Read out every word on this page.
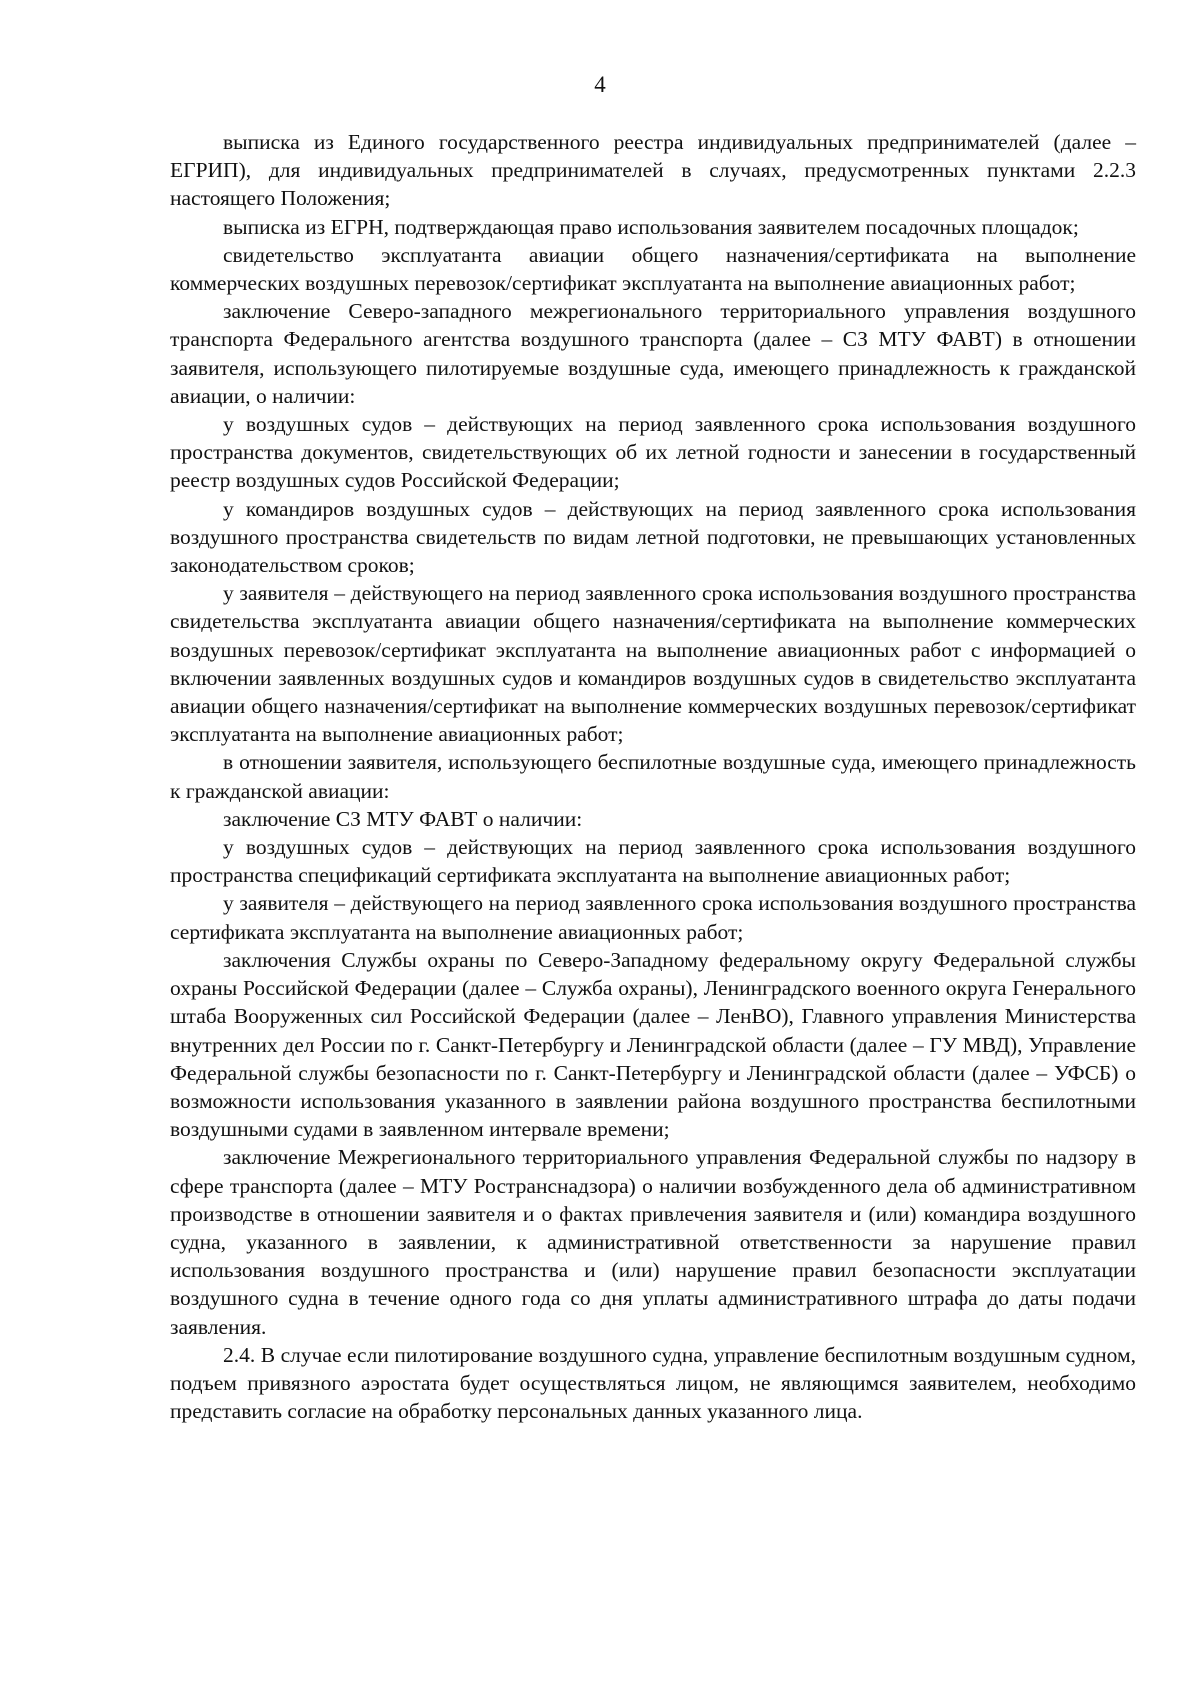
4

выписка из Единого государственного реестра индивидуальных предпринимателей (далее – ЕГРИП), для индивидуальных предпринимателей в случаях, предусмотренных пунктами 2.2.3 настоящего Положения;

выписка из ЕГРН, подтверждающая право использования заявителем посадочных площадок;

свидетельство эксплуатанта авиации общего назначения/сертификата на выполнение коммерческих воздушных перевозок/сертификат эксплуатанта на выполнение авиационных работ;

заключение Северо-западного межрегионального территориального управления воздушного транспорта Федерального агентства воздушного транспорта (далее – СЗ МТУ ФАВТ) в отношении заявителя, использующего пилотируемые воздушные суда, имеющего принадлежность к гражданской авиации, о наличии:

у воздушных судов – действующих на период заявленного срока использования воздушного пространства документов, свидетельствующих об их летной годности и занесении в государственный реестр воздушных судов Российской Федерации;

у командиров воздушных судов – действующих на период заявленного срока использования воздушного пространства свидетельств по видам летной подготовки, не превышающих установленных законодательством сроков;

у заявителя – действующего на период заявленного срока использования воздушного пространства свидетельства эксплуатанта авиации общего назначения/сертификата на выполнение коммерческих воздушных перевозок/сертификат эксплуатанта на выполнение авиационных работ с информацией о включении заявленных воздушных судов и командиров воздушных судов в свидетельство эксплуатанта авиации общего назначения/сертификат на выполнение коммерческих воздушных перевозок/сертификат эксплуатанта на выполнение авиационных работ;

в отношении заявителя, использующего беспилотные воздушные суда, имеющего принадлежность к гражданской авиации:

заключение СЗ МТУ ФАВТ о наличии:

у воздушных судов – действующих на период заявленного срока использования воздушного пространства спецификаций сертификата эксплуатанта на выполнение авиационных работ;

у заявителя – действующего на период заявленного срока использования воздушного пространства сертификата эксплуатанта на выполнение авиационных работ;

заключения Службы охраны по Северо-Западному федеральному округу Федеральной службы охраны Российской Федерации (далее – Служба охраны), Ленинградского военного округа Генерального штаба Вооруженных сил Российской Федерации (далее – ЛенВО), Главного управления Министерства внутренних дел России по г. Санкт-Петербургу и Ленинградской области (далее – ГУ МВД), Управление Федеральной службы безопасности по г. Санкт-Петербургу и Ленинградской области (далее – УФСБ) о возможности использования указанного в заявлении района воздушного пространства беспилотными воздушными судами в заявленном интервале времени;

заключение Межрегионального территориального управления Федеральной службы по надзору в сфере транспорта (далее – МТУ Ространснадзора) о наличии возбужденного дела об административном производстве в отношении заявителя и о фактах привлечения заявителя и (или) командира воздушного судна, указанного в заявлении, к административной ответственности за нарушение правил использования воздушного пространства и (или) нарушение правил безопасности эксплуатации воздушного судна в течение одного года со дня уплаты административного штрафа до даты подачи заявления.

2.4. В случае если пилотирование воздушного судна, управление беспилотным воздушным судном, подъем привязного аэростата будет осуществляться лицом, не являющимся заявителем, необходимо представить согласие на обработку персональных данных указанного лица.
